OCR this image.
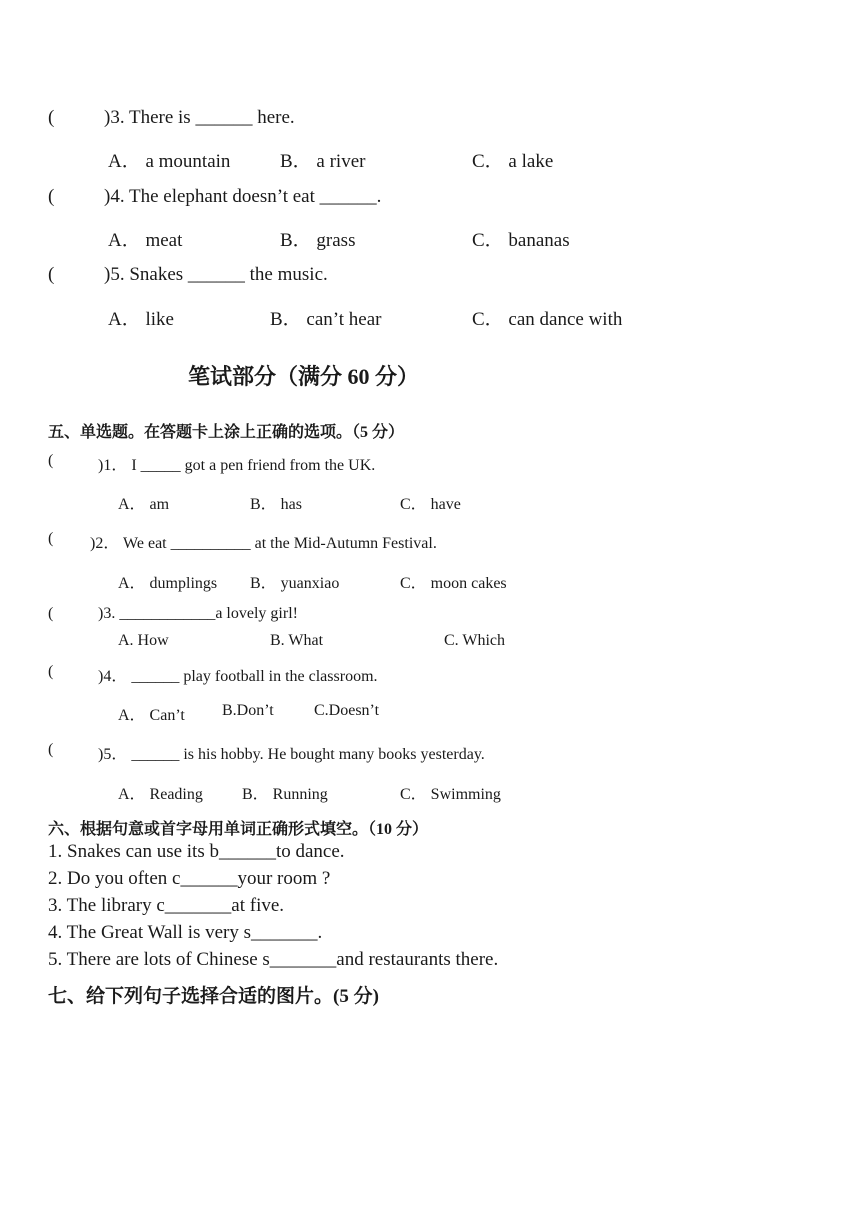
(	)3. There is ______ here.
A． a mountain	B． a river	C． a lake
(	)4. The elephant doesn’t eat ______.
A． meat	B． grass	C． bananas
(	)5. Snakes ______ the music.
A． like	B． can’t hear	C． can dance with
笔试部分（满分 60 分）
五、单选题。在答题卡上涂上正确的选项。（5 分）
(	)1． I _____ got a pen friend from the UK.
A． am	B． has	C． have
( )2． We eat __________ at the Mid-Autumn Festival.
A． dumplings B． yuanxiao	C． moon cakes
(	)3. ____________a lovely girl!
A. How	B. What	C. Which
(	)4． ______ play football in the classroom.
A． Can’t B.Don’t	C.Doesn’t
(	)5． ______ is his hobby. He bought many books yesterday.
A． Reading B． Running	C． Swimming
六、根据句意或首字母用单词正确形式填空。（10 分）
1. Snakes can use its b______to dance.
2. Do you often c______your room ?
3. The library c_______at five.
4. The Great Wall is very s_______.
5. There are lots of Chinese s_______and restaurants there.
七、给下列句子选择合适的图片。(5 分)
